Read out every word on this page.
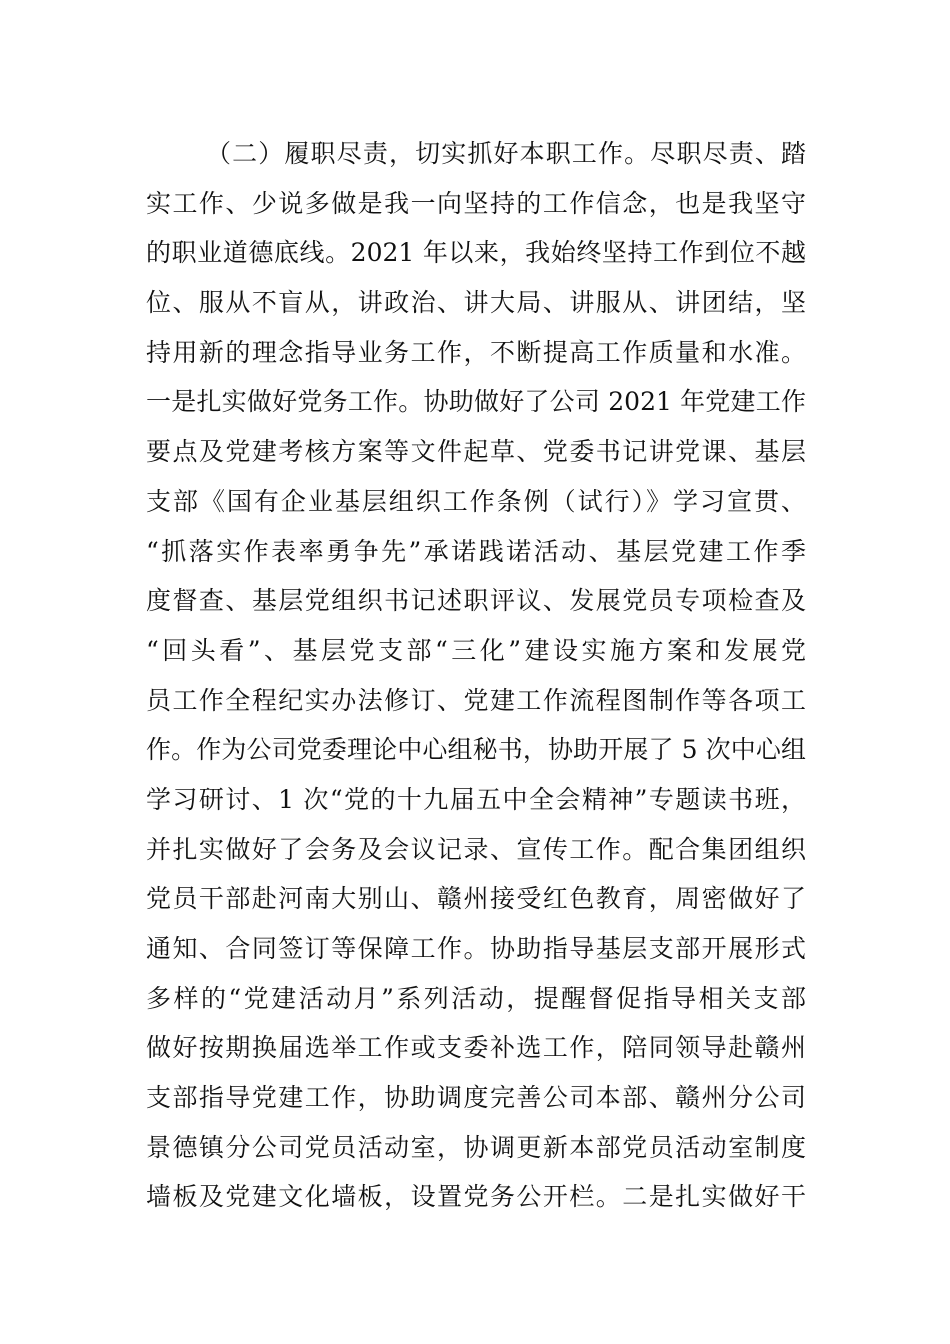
（二）履职尽责，切实抓好本职工作。尽职尽责、踏
实工作、少说多做是我一向坚持的工作信念，也是我坚守
的职业道德底线。2021 年以来，我始终坚持工作到位不越
位、服从不盲从，讲政治、讲大局、讲服从、讲团结，坚
持用新的理念指导业务工作，不断提高工作质量和水准。
一是扎实做好党务工作。协助做好了公司 2021 年党建工作
要点及党建考核方案等文件起草、党委书记讲党课、基层
支部《国有企业基层组织工作条例（试行）》学习宣贯、
“抓落实作表率勇争先”承诺践诺活动、基层党建工作季
度督查、基层党组织书记述职评议、发展党员专项检查及
“回头看”、基层党支部“三化”建设实施方案和发展党
员工作全程纪实办法修订、党建工作流程图制作等各项工
作。作为公司党委理论中心组秘书，协助开展了 5 次中心组
学习研讨、1 次“党的十九届五中全会精神”专题读书班，
并扎实做好了会务及会议记录、宣传工作。配合集团组织
党员干部赴河南大别山、赣州接受红色教育，周密做好了
通知、合同签订等保障工作。协助指导基层支部开展形式
多样的“党建活动月”系列活动，提醒督促指导相关支部
做好按期换届选举工作或支委补选工作，陪同领导赴赣州
支部指导党建工作，协助调度完善公司本部、赣州分公司
景德镇分公司党员活动室，协调更新本部党员活动室制度
墙板及党建文化墙板，设置党务公开栏。二是扎实做好干
